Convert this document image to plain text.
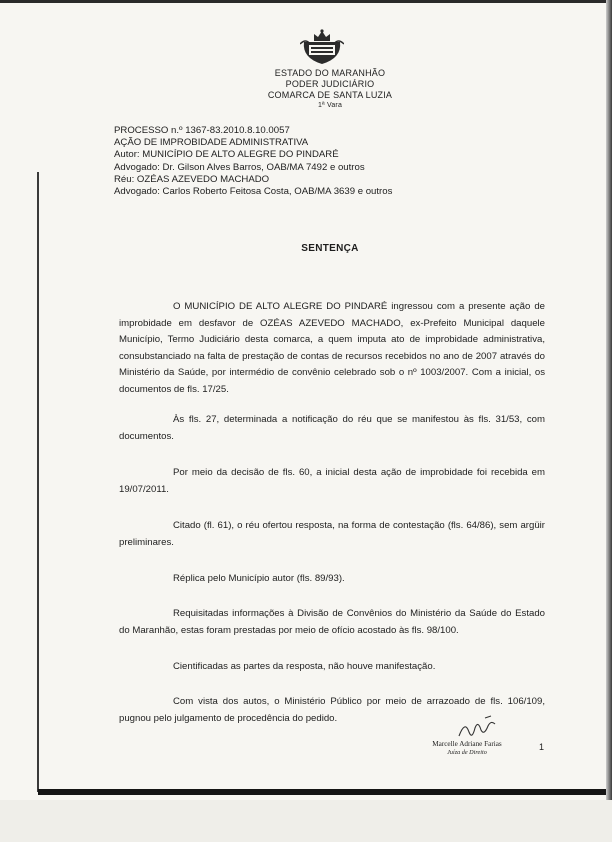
ESTADO DO MARANHÃO
PODER JUDICIÁRIO
COMARCA DE SANTA LUZIA
1ª Vara
PROCESSO n.º 1367-83.2010.8.10.0057
AÇÃO DE IMPROBIDADE ADMINISTRATIVA
Autor: MUNICÍPIO DE ALTO ALEGRE DO PINDARÉ
Advogado: Dr. Gilson Alves Barros, OAB/MA 7492 e outros
Réu: OZÉAS AZEVEDO MACHADO
Advogado: Carlos Roberto Feitosa Costa, OAB/MA 3639 e outros
SENTENÇA
O MUNICÍPIO DE ALTO ALEGRE DO PINDARÉ ingressou com a presente ação de improbidade em desfavor de OZÉAS AZEVEDO MACHADO, ex-Prefeito Municipal daquele Município, Termo Judiciário desta comarca, a quem imputa ato de improbidade administrativa, consubstanciado na falta de prestação de contas de recursos recebidos no ano de 2007 através do Ministério da Saúde, por intermédio de convênio celebrado sob o nº 1003/2007. Com a inicial, os documentos de fls. 17/25.
Às fls. 27, determinada a notificação do réu que se manifestou às fls. 31/53, com documentos.
Por meio da decisão de fls. 60, a inicial desta ação de improbidade foi recebida em 19/07/2011.
Citado (fl. 61), o réu ofertou resposta, na forma de contestação (fls. 64/86), sem argüir preliminares.
Réplica pelo Município autor (fls. 89/93).
Requisitadas informações à Divisão de Convênios do Ministério da Saúde do Estado do Maranhão, estas foram prestadas por meio de ofício acostado às fls. 98/100.
Cientificadas as partes da resposta, não houve manifestação.
Com vista dos autos, o Ministério Público por meio de arrazoado de fls. 106/109, pugnou pelo julgamento de procedência do pedido.
Marcelle Adriane Farias
Juíza de Direito
1
